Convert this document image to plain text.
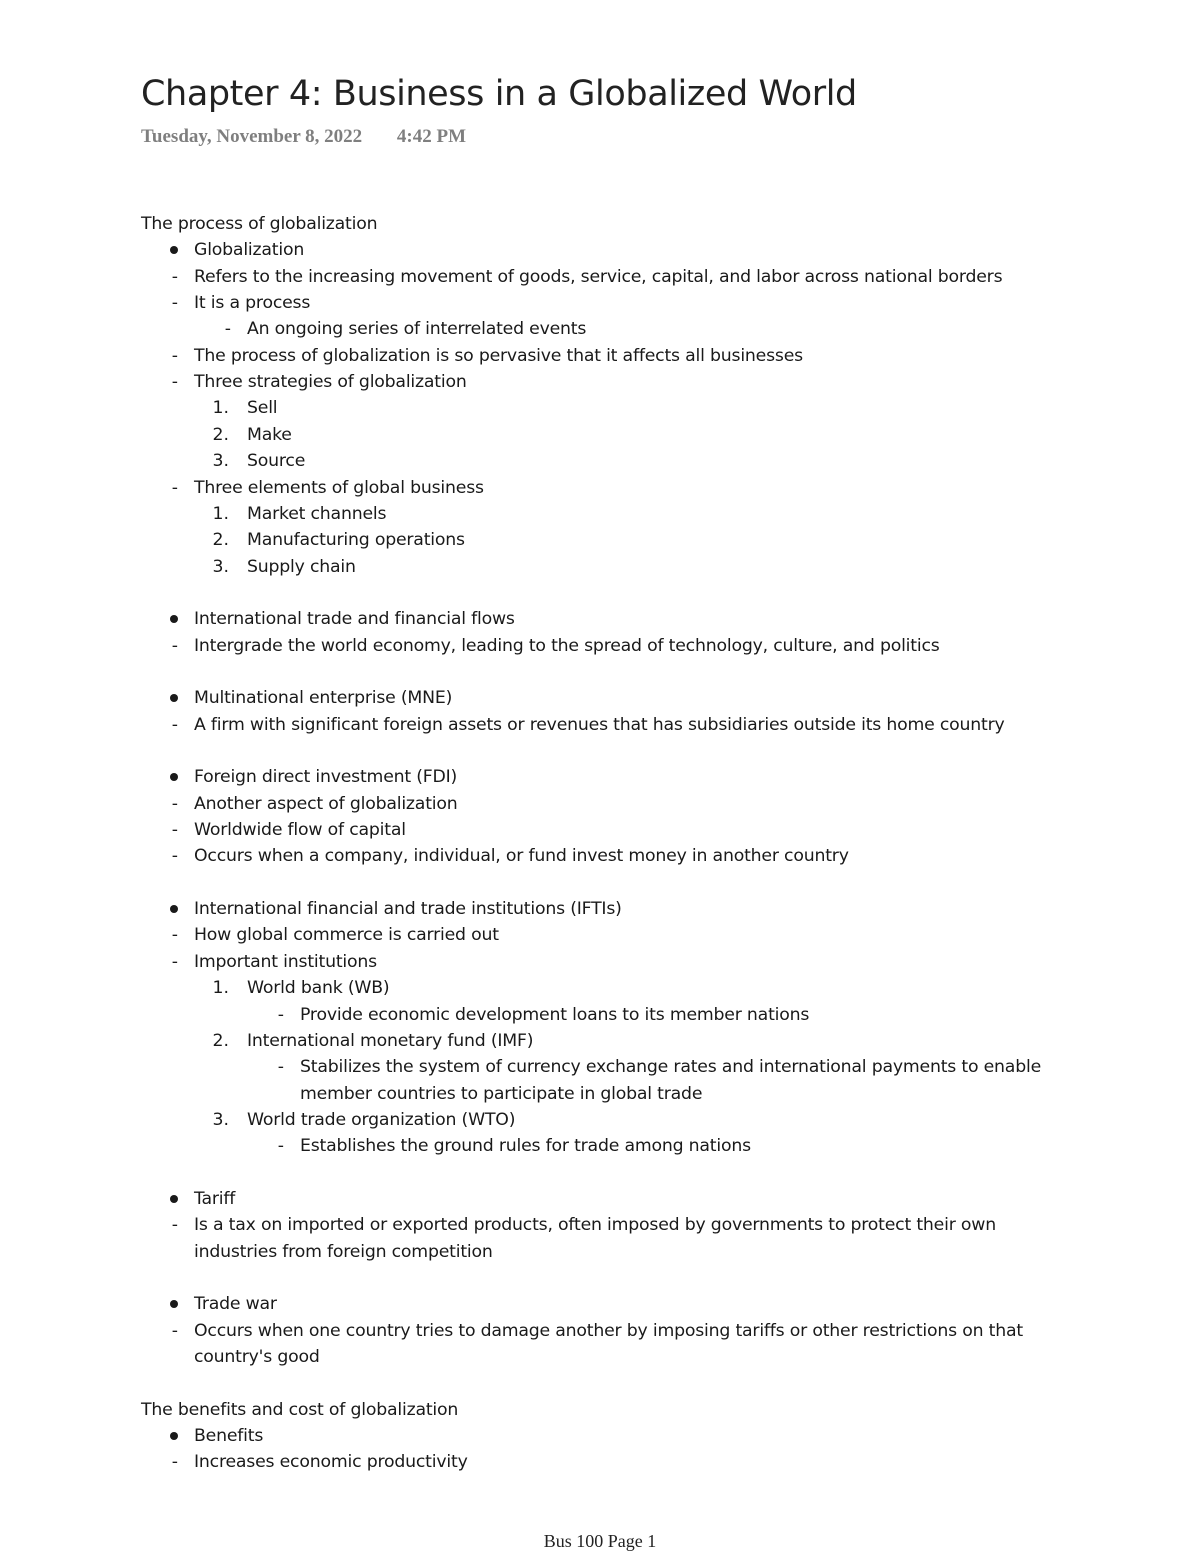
Chapter 4: Business in a Globalized World
Tuesday, November 8, 2022 4:42 PM
The process of globalization
Globalization
- Refers to the increasing movement of goods, service, capital, and labor across national borders
- It is a process
- An ongoing series of interrelated events
- The process of globalization is so pervasive that it affects all businesses
- Three strategies of globalization
1. Sell
2. Make
3. Source
- Three elements of global business
1. Market channels
2. Manufacturing operations
3. Supply chain
International trade and financial flows
- Intergrade the world economy, leading to the spread of technology, culture, and politics
Multinational enterprise (MNE)
- A firm with significant foreign assets or revenues that has subsidiaries outside its home country
Foreign direct investment (FDI)
- Another aspect of globalization
- Worldwide flow of capital
- Occurs when a company, individual, or fund invest money in another country
International financial and trade institutions (IFTIs)
- How global commerce is carried out
- Important institutions
1. World bank (WB)
- Provide economic development loans to its member nations
2. International monetary fund (IMF)
- Stabilizes the system of currency exchange rates and international payments to enable
member countries to participate in global trade
3. World trade organization (WTO)
- Establishes the ground rules for trade among nations
Tariff
- Is a tax on imported or exported products, often imposed by governments to protect their own
industries from foreign competition
Trade war
- Occurs when one country tries to damage another by imposing tariffs or other restrictions on that
country's good
The benefits and cost of globalization
Benefits
- Increases economic productivity
Bus 100 Page 1
